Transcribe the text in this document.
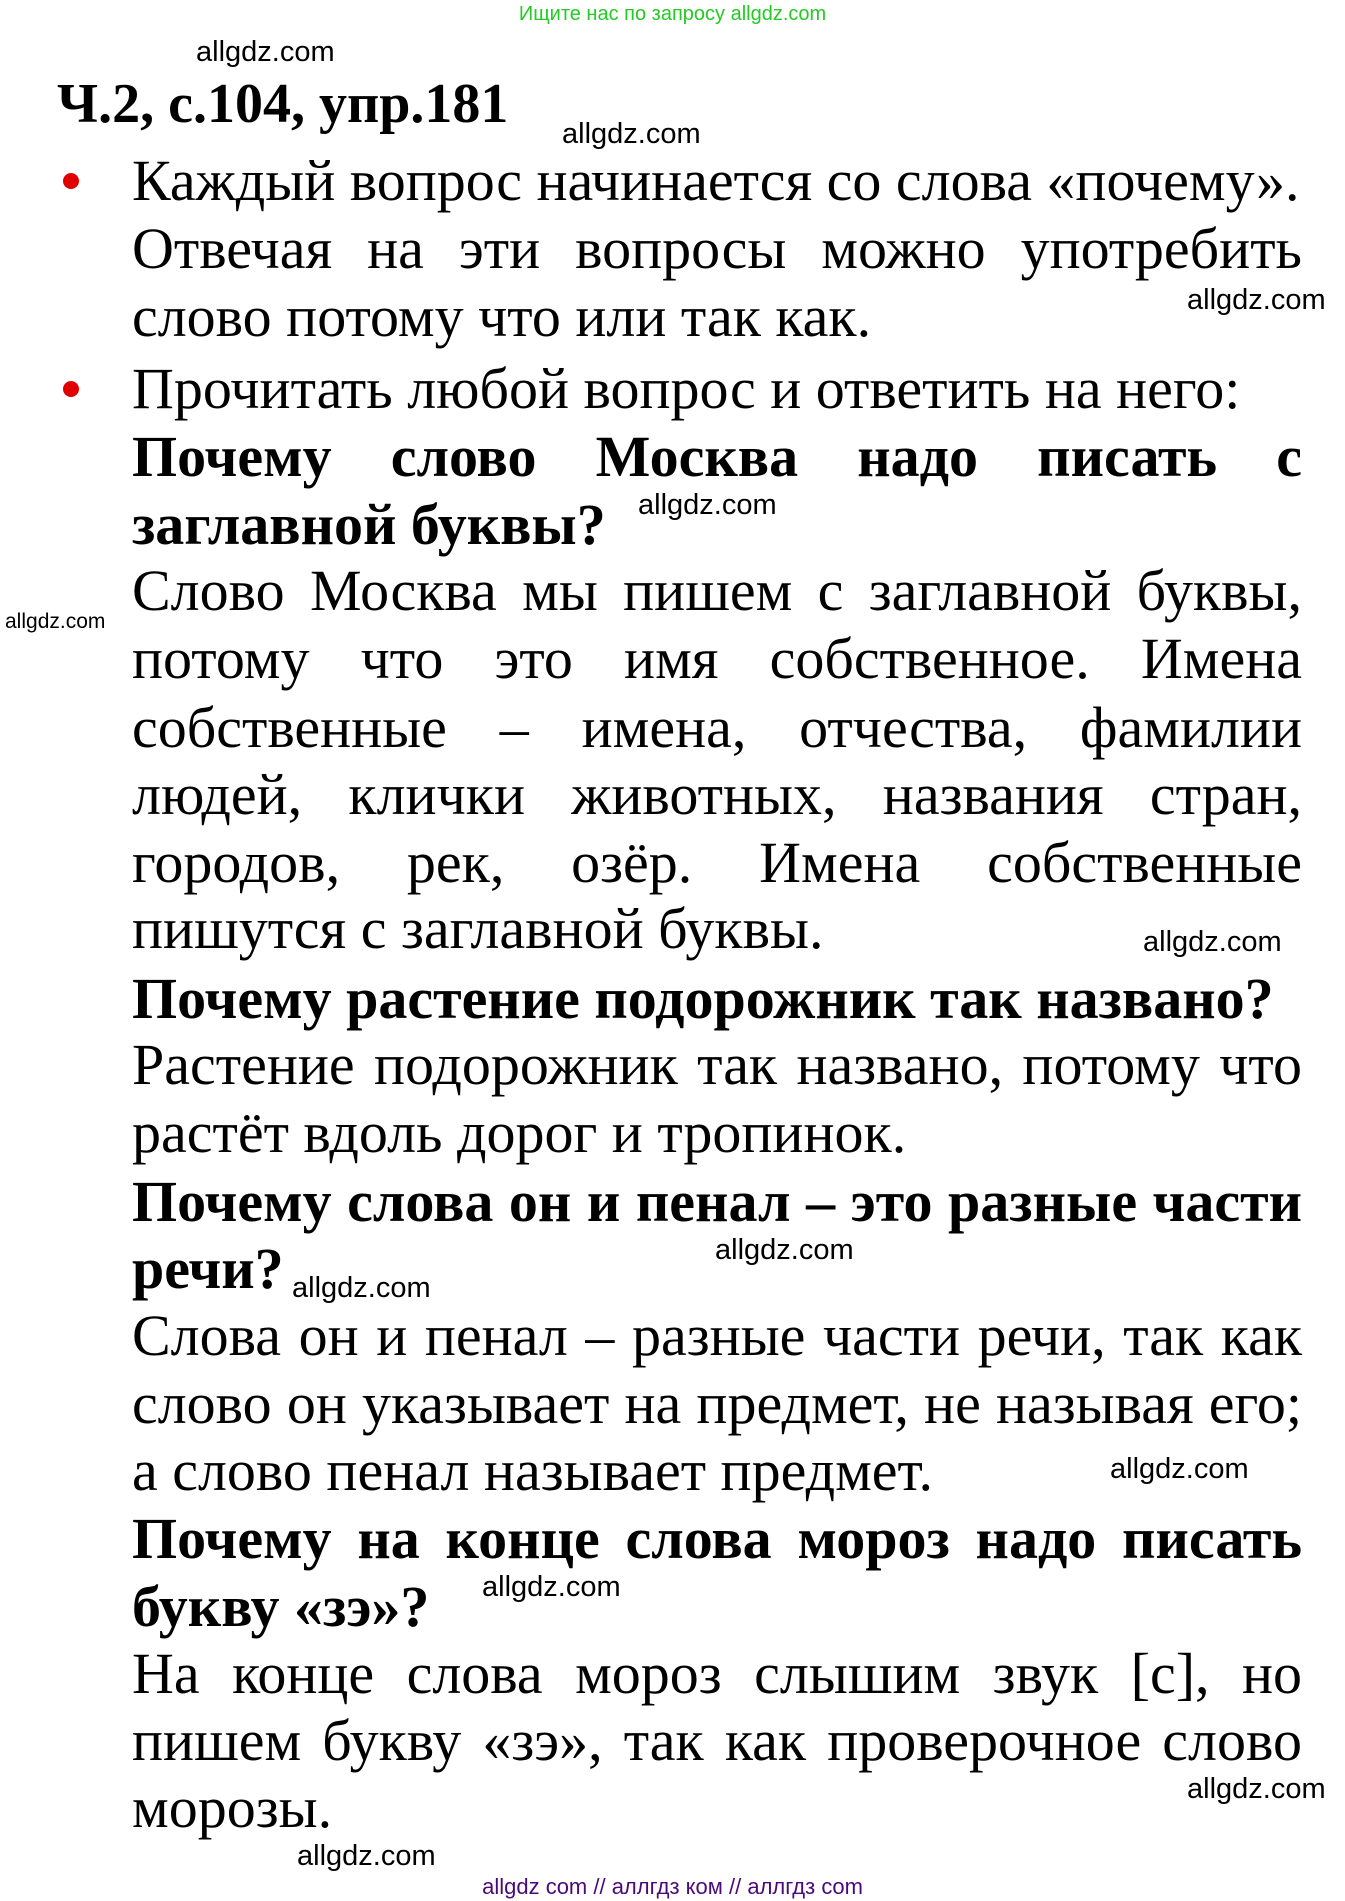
Ищите нас по запросу allgdz.com
Ч.2, с.104, упр.181
Каждый вопрос начинается со слова «почему».
Отвечая на эти вопросы можно употребить
слово потому что или так как.
Прочитать любой вопрос и ответить на него:
Почему слово Москва надо писать с
заглавной буквы?
Слово Москва мы пишем с заглавной буквы,
потому что это имя собственное. Имена
собственные – имена, отчества, фамилии
людей, клички животных, названия стран,
городов, рек, озёр. Имена собственные
пишутся с заглавной буквы.
Почему растение подорожник так названо?
Растение подорожник так названо, потому что
растёт вдоль дорог и тропинок.
Почему слова он и пенал – это разные части
речи?
Слова он и пенал – разные части речи, так как
слово он указывает на предмет, не называя его;
а слово пенал называет предмет.
Почему на конце слова мороз надо писать
букву «зэ»?
На конце слова мороз слышим звук [с], но
пишем букву «зэ», так как проверочное слово
морозы.
allgdz.com
allgdz.com
allgdz.com
allgdz.com
allgdz.com
allgdz.com
allgdz.com
allgdz.com
allgdz.com
allgdz.com
allgdz.com
allgdz.com
allgdz com // аллгдз ком // аллгдз com
